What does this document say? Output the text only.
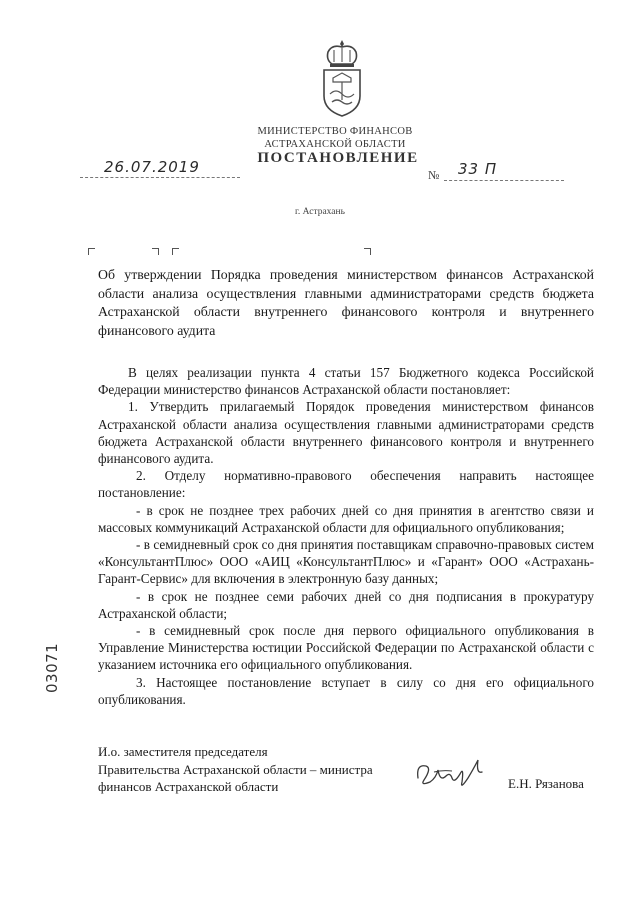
МИНИСТЕРСТВО ФИНАНСОВ
АСТРАХАНСКОЙ ОБЛАСТИ
ПОСТАНОВЛЕНИЕ
26.07.2019	№ 33 П
г. Астрахань
Об утверждении Порядка проведения министерством финансов Астраханской области анализа осуществления главными администраторами средств бюджета Астраханской области внутреннего финансового контроля и внутреннего финансового аудита

В целях реализации пункта 4 статьи 157 Бюджетного кодекса Российской Федерации министерство финансов Астраханской области постановляет:

1. Утвердить прилагаемый Порядок проведения министерством финансов Астраханской области анализа осуществления главными администраторами средств бюджета Астраханской области внутреннего финансового контроля и внутреннего финансового аудита.

2. Отделу нормативно-правового обеспечения направить настоящее постановление:

- в срок не позднее трех рабочих дней со дня принятия в агентство связи и массовых коммуникаций Астраханской области для официального опубликования;

- в семидневный срок со дня принятия поставщикам справочно-правовых систем «КонсультантПлюс» ООО «АИЦ «КонсультантПлюс» и «Гарант» ООО «Астрахань-Гарант-Сервис» для включения в электронную базу данных;

- в срок не позднее семи рабочих дней со дня подписания в прокуратуру Астраханской области;

- в семидневный срок после дня первого официального опубликования в Управление Министерства юстиции Российской Федерации по Астраханской области с указанием источника его официального опубликования.

3. Настоящее постановление вступает в силу со дня его официального опубликования.

03071
И.о. заместителя председателя
Правительства Астраханской области – министра
финансов Астраханской области	Е.Н. Рязанова
